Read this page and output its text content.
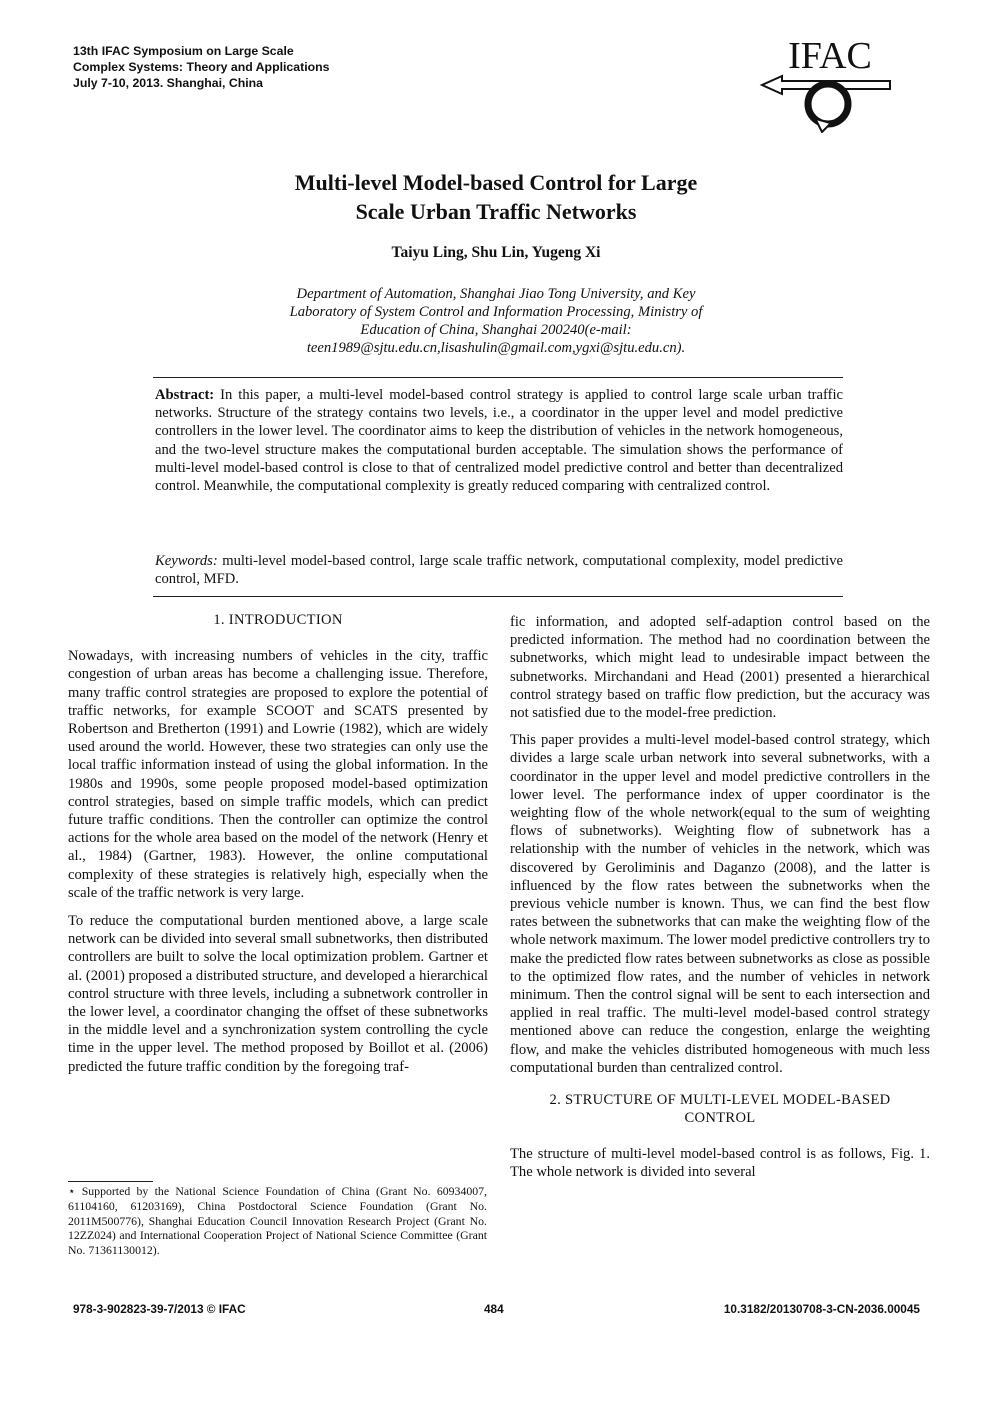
13th IFAC Symposium on Large Scale
Complex Systems: Theory and Applications
July 7-10, 2013. Shanghai, China
IFAC
Multi-level Model-based Control for Large
Scale Urban Traffic Networks
Taiyu Ling, Shu Lin, Yugeng Xi
Department of Automation, Shanghai Jiao Tong University, and Key
Laboratory of System Control and Information Processing, Ministry of
Education of China, Shanghai 200240(e-mail:
teen1989@sjtu.edu.cn,lisashulin@gmail.com,ygxi@sjtu.edu.cn).
Abstract: In this paper, a multi-level model-based control strategy is applied to control large scale urban traffic networks. Structure of the strategy contains two levels, i.e., a coordinator in the upper level and model predictive controllers in the lower level. The coordinator aims to keep the distribution of vehicles in the network homogeneous, and the two-level structure makes the computational burden acceptable. The simulation shows the performance of multi-level model-based control is close to that of centralized model predictive control and better than decentralized control. Meanwhile, the computational complexity is greatly reduced comparing with centralized control.
Keywords: multi-level model-based control, large scale traffic network, computational complexity, model predictive control, MFD.
1. INTRODUCTION

Nowadays, with increasing numbers of vehicles in the city, traffic congestion of urban areas has become a challenging issue. Therefore, many traffic control strategies are proposed to explore the potential of traffic networks, for example SCOOT and SCATS presented by Robertson and Bretherton (1991) and Lowrie (1982), which are widely used around the world. However, these two strategies can only use the local traffic information instead of using the global information. In the 1980s and 1990s, some people proposed model-based optimization control strategies, based on simple traffic models, which can predict future traffic conditions. Then the controller can optimize the control actions for the whole area based on the model of the network (Henry et al., 1984) (Gartner, 1983). However, the online computational complexity of these strategies is relatively high, especially when the scale of the traffic network is very large.

To reduce the computational burden mentioned above, a large scale network can be divided into several small subnetworks, then distributed controllers are built to solve the local optimization problem. Gartner et al. (2001) proposed a distributed structure, and developed a hierarchical control structure with three levels, including a subnetwork controller in the lower level, a coordinator changing the offset of these subnetworks in the middle level and a synchronization system controlling the cycle time in the upper level. The method proposed by Boillot et al. (2006) predicted the future traffic condition by the foregoing traf-

fic information, and adopted self-adaption control based on the predicted information. The method had no coordination between the subnetworks, which might lead to undesirable impact between the subnetworks. Mirchandani and Head (2001) presented a hierarchical control strategy based on traffic flow prediction, but the accuracy was not satisfied due to the model-free prediction.

This paper provides a multi-level model-based control strategy, which divides a large scale urban network into several subnetworks, with a coordinator in the upper level and model predictive controllers in the lower level. The performance index of upper coordinator is the weighting flow of the whole network(equal to the sum of weighting flows of subnetworks). Weighting flow of subnetwork has a relationship with the number of vehicles in the network, which was discovered by Geroliminis and Daganzo (2008), and the latter is influenced by the flow rates between the subnetworks when the previous vehicle number is known. Thus, we can find the best flow rates between the subnetworks that can make the weighting flow of the whole network maximum. The lower model predictive controllers try to make the predicted flow rates between subnetworks as close as possible to the optimized flow rates, and the number of vehicles in network minimum. Then the control signal will be sent to each intersection and applied in real traffic. The multi-level model-based control strategy mentioned above can reduce the congestion, enlarge the weighting flow, and make the vehicles distributed homogeneous with much less computational burden than centralized control.

2. STRUCTURE OF MULTI-LEVEL MODEL-BASED
CONTROL

The structure of multi-level model-based control is as follows, Fig. 1. The whole network is divided into several

⋆ Supported by the National Science Foundation of China (Grant No. 60934007, 61104160, 61203169), China Postdoctoral Science Foundation (Grant No. 2011M500776), Shanghai Education Council Innovation Research Project (Grant No. 12ZZ024) and International Cooperation Project of National Science Committee (Grant No. 71361130012).
978-3-902823-39-7/2013 © IFAC	484	10.3182/20130708-3-CN-2036.00045
